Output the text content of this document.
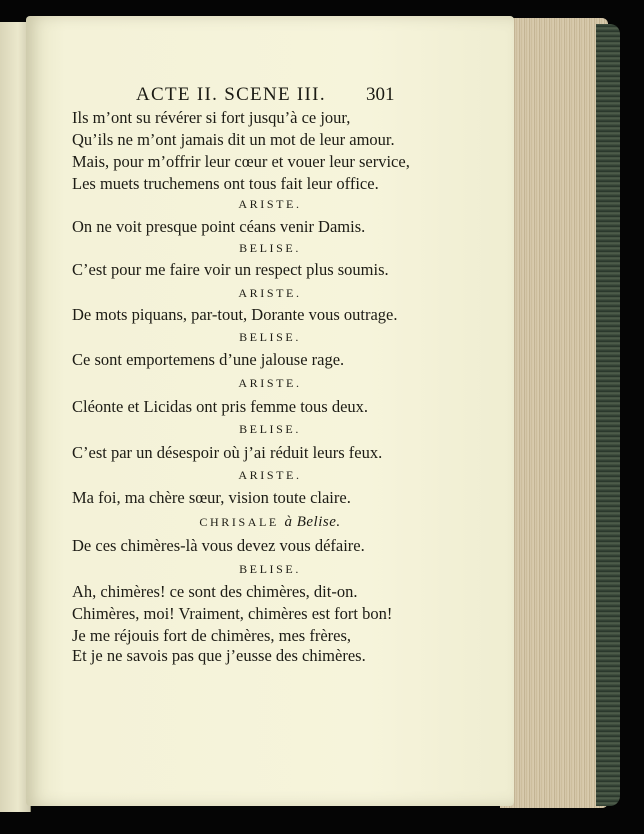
ACTE II. SCENE III. 301
Ils m’ont su révérer si fort jusqu’à ce jour,
Qu’ils ne m’ont jamais dit un mot de leur amour.
Mais, pour m’offrir leur cœur et vouer leur service,
Les muets truchemens ont tous fait leur office.
ARISTE.
On ne voit presque point céans venir Damis.
BELISE.
C’est pour me faire voir un respect plus soumis.
ARISTE.
De mots piquans, par-tout, Dorante vous outrage.
BELISE.
Ce sont emportemens d’une jalouse rage.
ARISTE.
Cléonte et Licidas ont pris femme tous deux.
BELISE.
C’est par un désespoir où j’ai réduit leurs feux.
ARISTE.
Ma foi, ma chère sœur, vision toute claire.
CHRISALE à Belise.
De ces chimères-là vous devez vous défaire.
BELISE.
Ah, chimères! ce sont des chimères, dit-on.
Chimères, moi! Vraiment, chimères est fort bon!
Je me réjouis fort de chimères, mes frères,
Et je ne savois pas que j’eusse des chimères.
